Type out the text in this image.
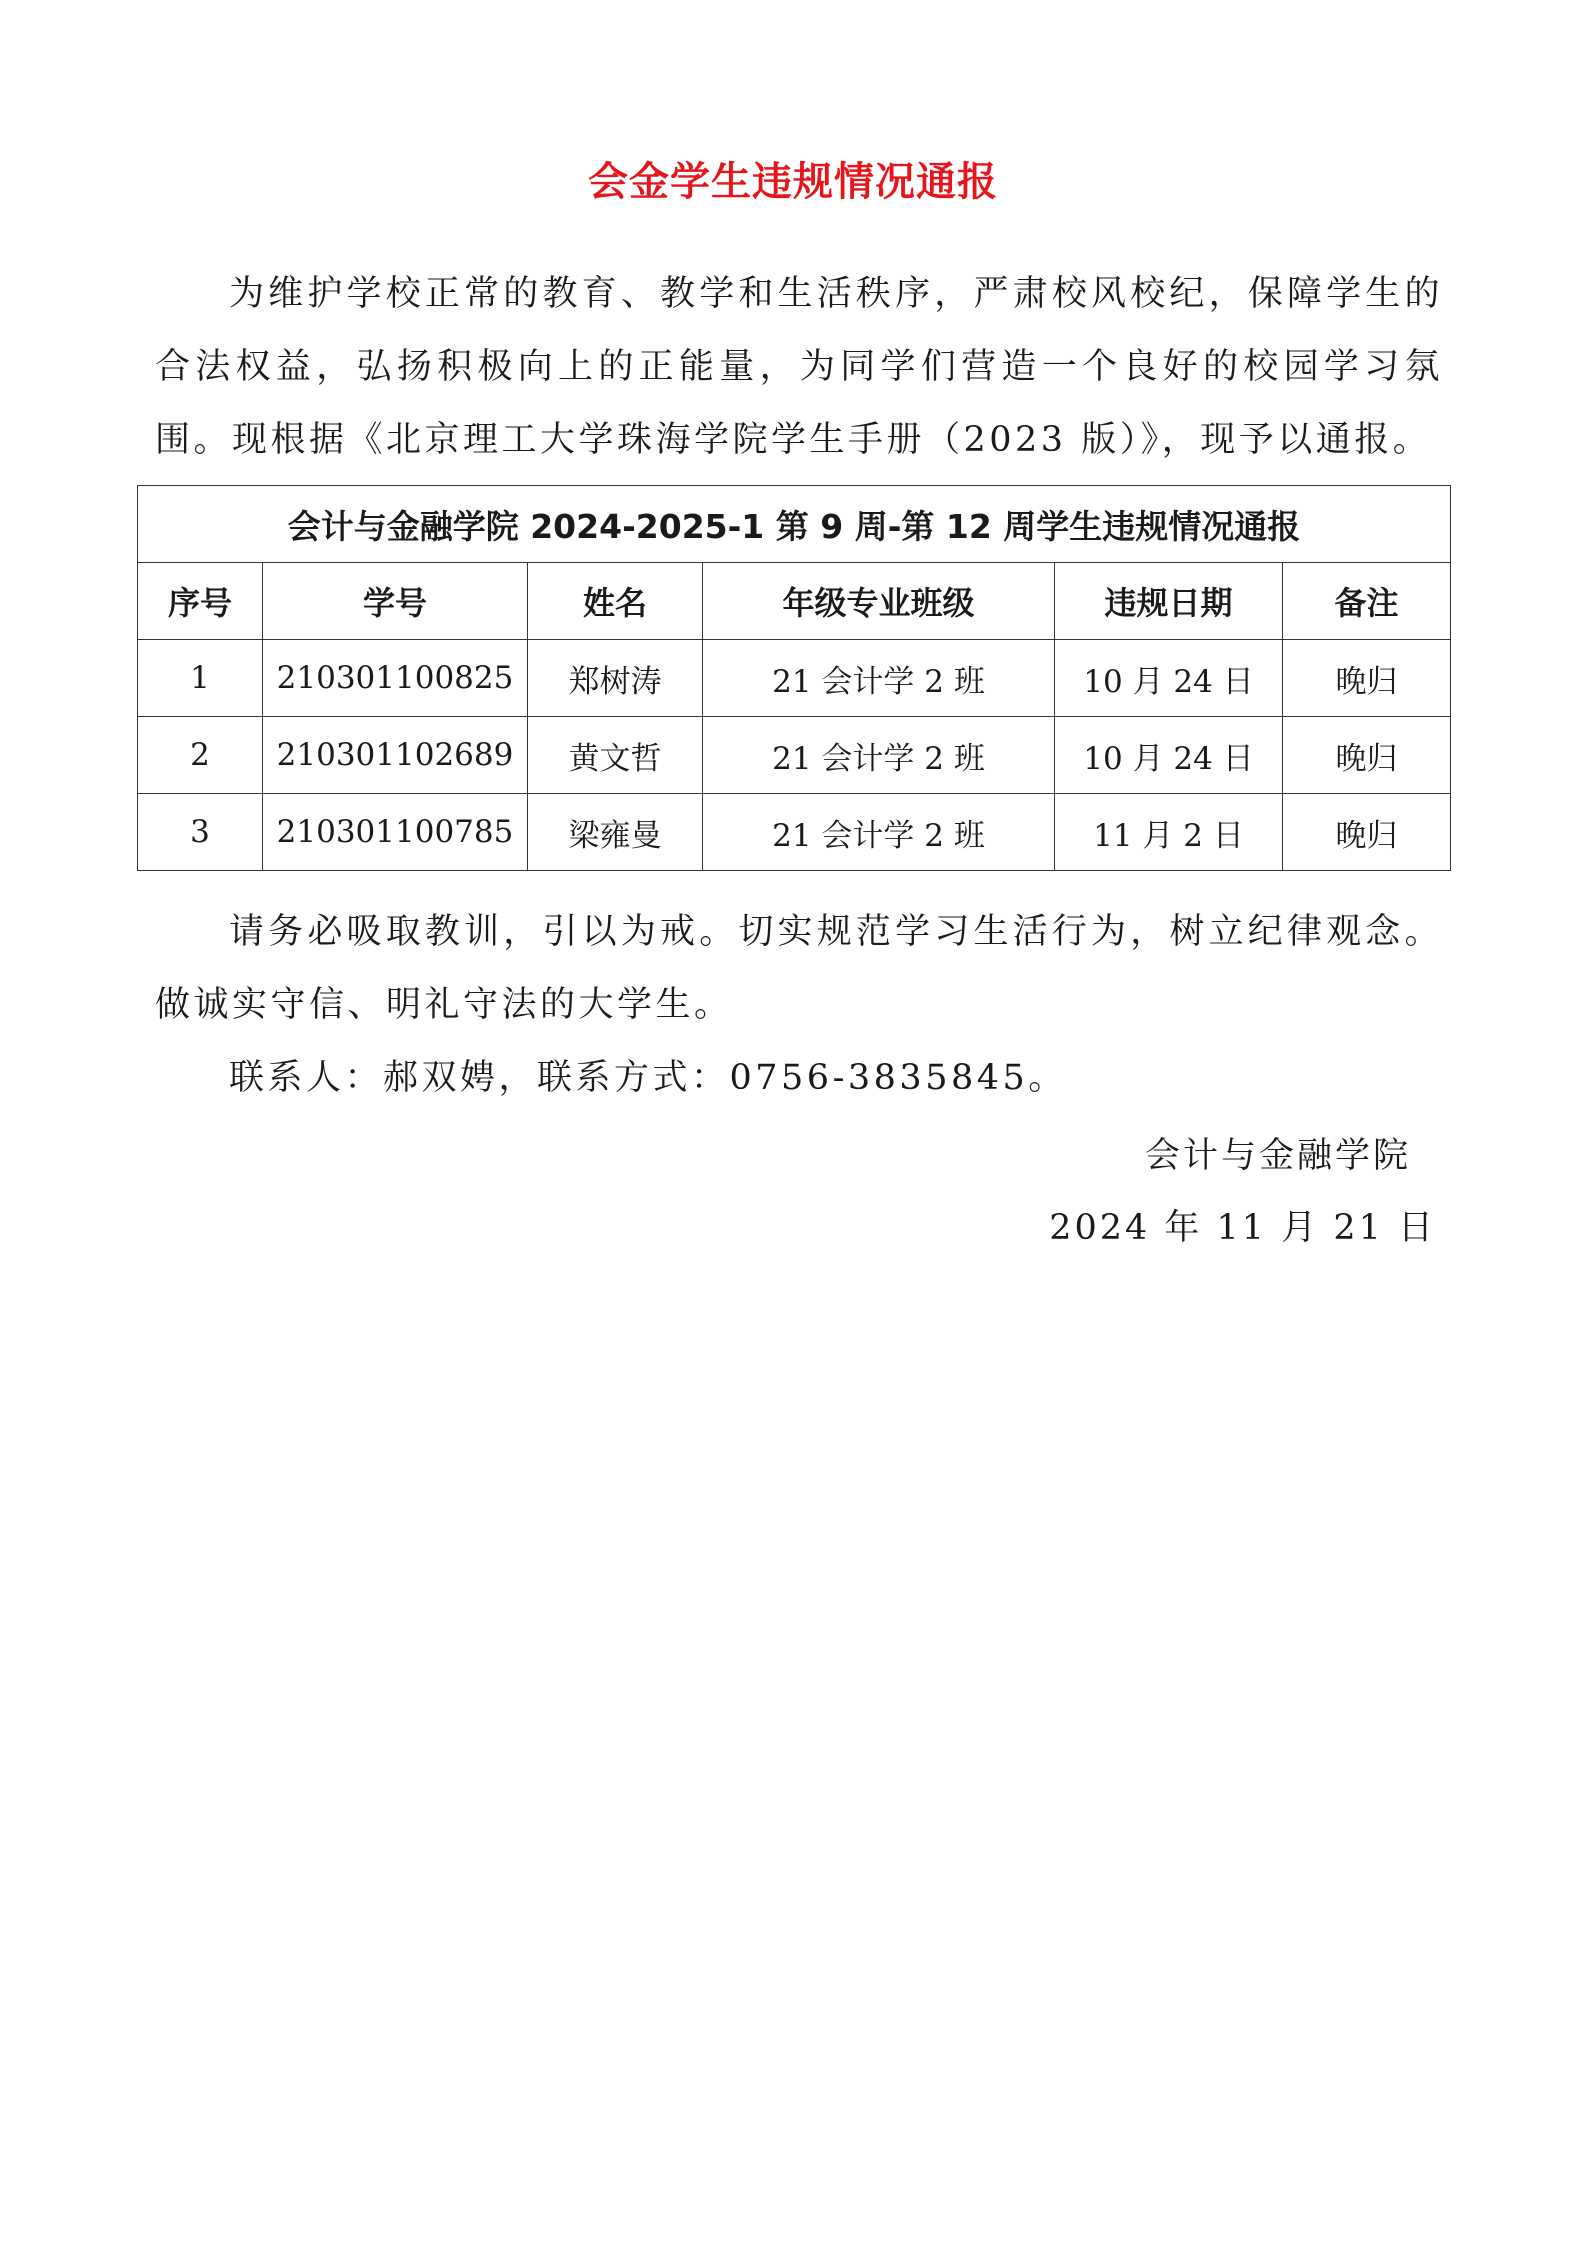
会金学生违规情况通报
为维护学校正常的教育、教学和生活秩序，严肃校风校纪，保障学生的合法权益，弘扬积极向上的正能量，为同学们营造一个良好的校园学习氛围。现根据《北京理工大学珠海学院学生手册（2023 版）》，现予以通报。
会计与金融学院 2024-2025-1 第 9 周-第 12 周学生违规情况通报					
序号	学号	姓名	年级专业班级	违规日期	备注
1	210301100825	郑树涛	21 会计学 2 班	10 月 24 日	晚归
2	210301102689	黄文哲	21 会计学 2 班	10 月 24 日	晚归
3	210301100785	梁雍曼	21 会计学 2 班	11 月 2 日	晚归
请务必吸取教训，引以为戒。切实规范学习生活行为，树立纪律观念。做诚实守信、明礼守法的大学生。
联系人：郝双娉，联系方式：0756-3835845。
会计与金融学院
2024 年 11 月 21 日
